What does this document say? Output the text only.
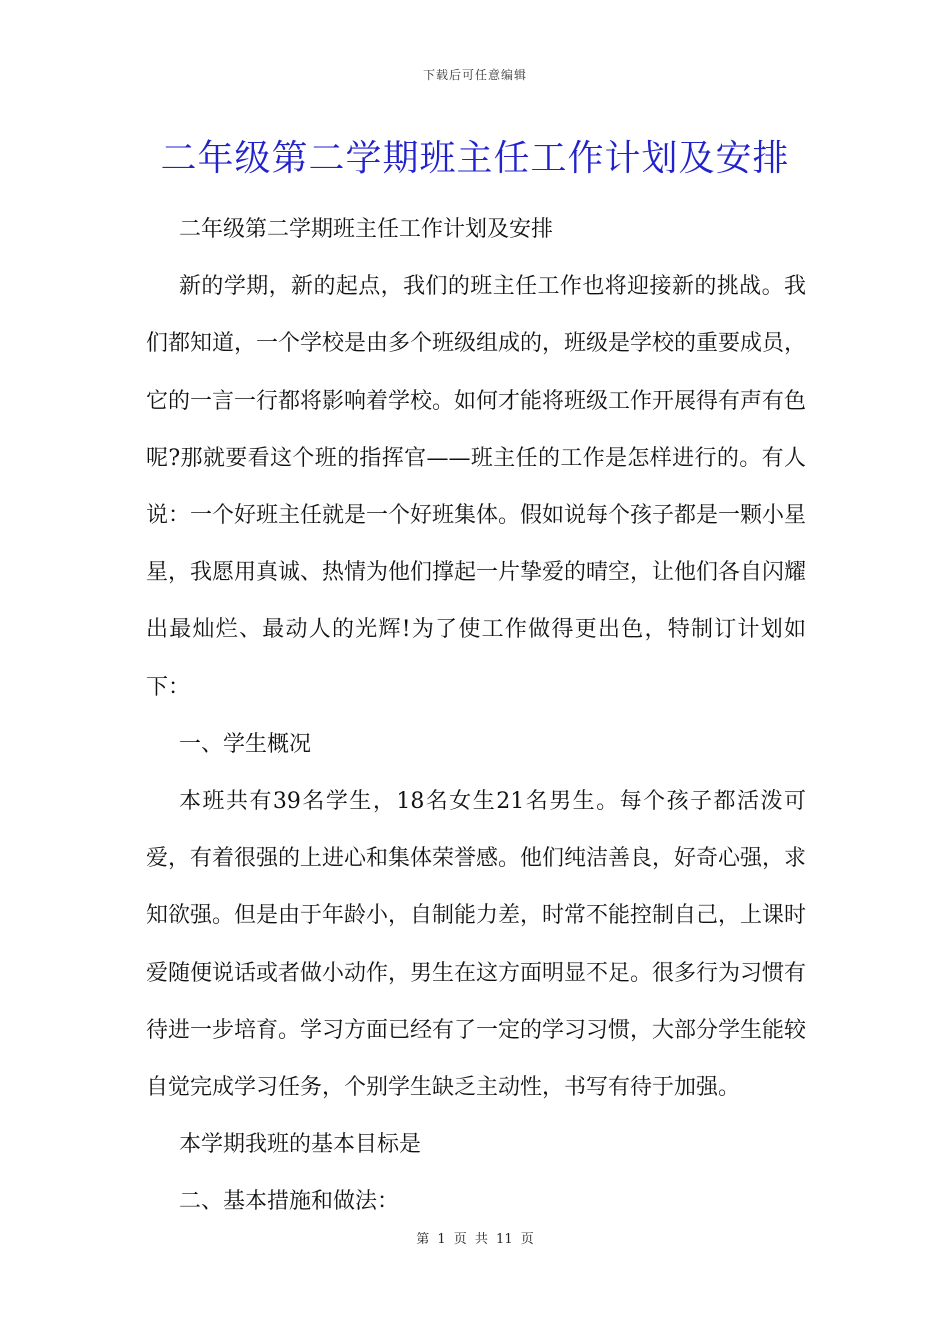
下载后可任意编辑
二年级第二学期班主任工作计划及安排

二年级第二学期班主任工作计划及安排

新的学期，新的起点，我们的班主任工作也将迎接新的挑战。我们都知道，一个学校是由多个班级组成的，班级是学校的重要成员，它的一言一行都将影响着学校。如何才能将班级工作开展得有声有色呢?那就要看这个班的指挥官——班主任的工作是怎样进行的。有人说：一个好班主任就是一个好班集体。假如说每个孩子都是一颗小星星，我愿用真诚、热情为他们撑起一片挚爱的晴空，让他们各自闪耀出最灿烂、最动人的光辉!为了使工作做得更出色，特制订计划如下：

一、学生概况

本班共有39名学生，18名女生21名男生。每个孩子都活泼可爱，有着很强的上进心和集体荣誉感。他们纯洁善良，好奇心强，求知欲强。但是由于年龄小，自制能力差，时常不能控制自己，上课时爱随便说话或者做小动作，男生在这方面明显不足。很多行为习惯有待进一步培育。学习方面已经有了一定的学习习惯，大部分学生能较自觉完成学习任务，个别学生缺乏主动性，书写有待于加强。

本学期我班的基本目标是

二、基本措施和做法：

第 1 页 共 11 页
